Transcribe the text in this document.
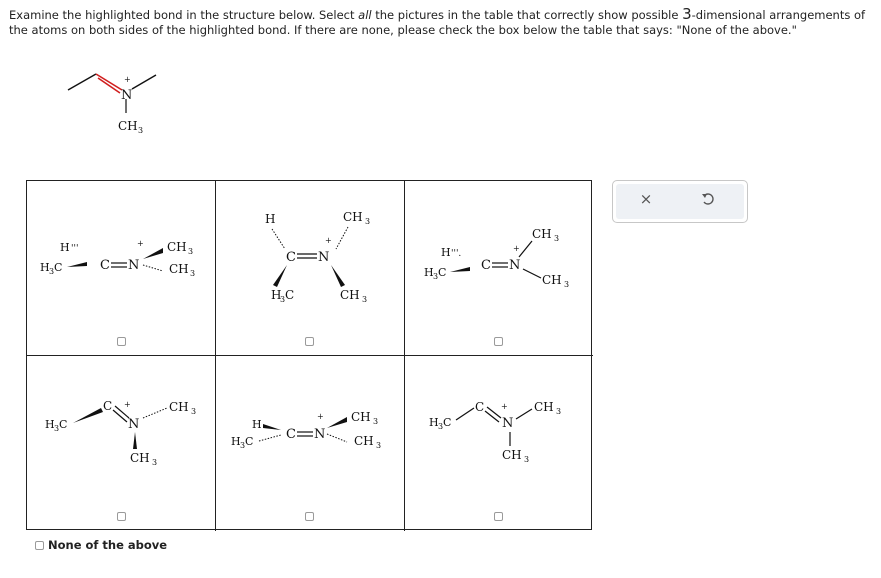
Examine the highlighted bond in the structure below. Select all the pictures in the table that correctly show possible 3-dimensional arrangements of the atoms on both sides of the highlighted bond. If there are none, please check the box below the table that says: "None of the above."
N
+
CH 3
H '''
H 3 C	C N
+ CH 3
CH 3
H	CH 3
+
C N
H
3 C	CH 3
H '''.
H 3 C	C N
+
CH 3
CH 3
H 3 C
C +
N
CH 3
CH 3
H
H 3 C	C N
+ CH 3
CH 3
H 3 C
C +
N
CH 3
CH 3
None of the above
×
